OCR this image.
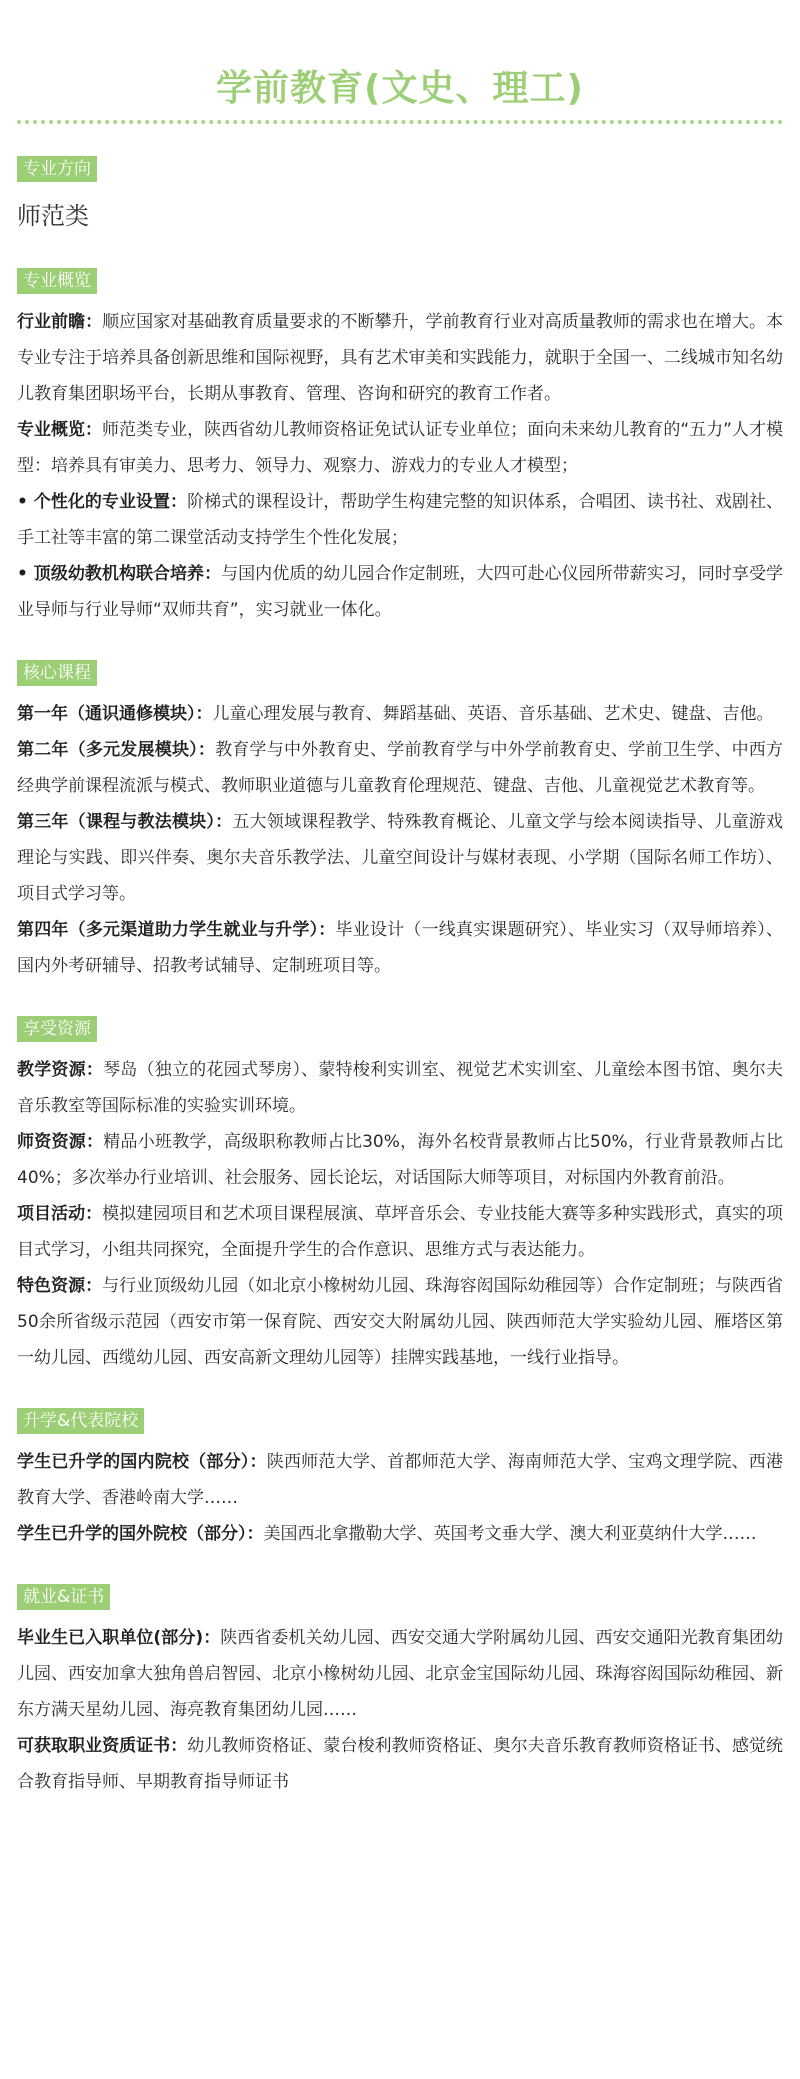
学前教育(文史、理工)
专业方向

师范类

专业概览

行业前瞻：顺应国家对基础教育质量要求的不断攀升，学前教育行业对高质量教师的需求也在增大。本专业专注于培养具备创新思维和国际视野，具有艺术审美和实践能力，就职于全国一、二线城市知名幼儿教育集团职场平台，长期从事教育、管理、咨询和研究的教育工作者。

专业概览：师范类专业，陕西省幼儿教师资格证免试认证专业单位；面向未来幼儿教育的“五力”人才模型：培养具有审美力、思考力、领导力、观察力、游戏力的专业人才模型；

• 个性化的专业设置：阶梯式的课程设计，帮助学生构建完整的知识体系，合唱团、读书社、戏剧社、手工社等丰富的第二课堂活动支持学生个性化发展；

• 顶级幼教机构联合培养：与国内优质的幼儿园合作定制班，大四可赴心仪园所带薪实习，同时享受学业导师与行业导师“双师共育”，实习就业一体化。

核心课程

第一年（通识通修模块）：儿童心理发展与教育、舞蹈基础、英语、音乐基础、艺术史、键盘、吉他。

第二年（多元发展模块）：教育学与中外教育史、学前教育学与中外学前教育史、学前卫生学、中西方经典学前课程流派与模式、教师职业道德与儿童教育伦理规范、键盘、吉他、儿童视觉艺术教育等。

第三年（课程与教法模块）：五大领域课程教学、特殊教育概论、儿童文学与绘本阅读指导、儿童游戏理论与实践、即兴伴奏、奥尔夫音乐教学法、儿童空间设计与媒材表现、小学期（国际名师工作坊）、项目式学习等。

第四年（多元渠道助力学生就业与升学）：毕业设计（一线真实课题研究）、毕业实习（双导师培养）、国内外考研辅导、招教考试辅导、定制班项目等。

享受资源

教学资源：琴岛（独立的花园式琴房）、蒙特梭利实训室、视觉艺术实训室、儿童绘本图书馆、奥尔夫音乐教室等国际标准的实验实训环境。

师资资源：精品小班教学，高级职称教师占比30%，海外名校背景教师占比50%，行业背景教师占比40%；多次举办行业培训、社会服务、园长论坛，对话国际大师等项目，对标国内外教育前沿。

项目活动：模拟建园项目和艺术项目课程展演、草坪音乐会、专业技能大赛等多种实践形式，真实的项目式学习，小组共同探究，全面提升学生的合作意识、思维方式与表达能力。

特色资源：与行业顶级幼儿园（如北京小橡树幼儿园、珠海容闳国际幼稚园等）合作定制班；与陕西省50余所省级示范园（西安市第一保育院、西安交大附属幼儿园、陕西师范大学实验幼儿园、雁塔区第一幼儿园、西缆幼儿园、西安高新文理幼儿园等）挂牌实践基地，一线行业指导。

升学&代表院校

学生已升学的国内院校（部分）：陕西师范大学、首都师范大学、海南师范大学、宝鸡文理学院、西港教育大学、香港岭南大学……

学生已升学的国外院校（部分）：美国西北拿撒勒大学、英国考文垂大学、澳大利亚莫纳什大学……

就业&证书

毕业生已入职单位(部分)：陕西省委机关幼儿园、西安交通大学附属幼儿园、西安交通阳光教育集团幼儿园、西安加拿大独角兽启智园、北京小橡树幼儿园、北京金宝国际幼儿园、珠海容闳国际幼稚园、新东方满天星幼儿园、海亮教育集团幼儿园……

可获取职业资质证书：幼儿教师资格证、蒙台梭利教师资格证、奥尔夫音乐教育教师资格证书、感觉统合教育指导师、早期教育指导师证书
